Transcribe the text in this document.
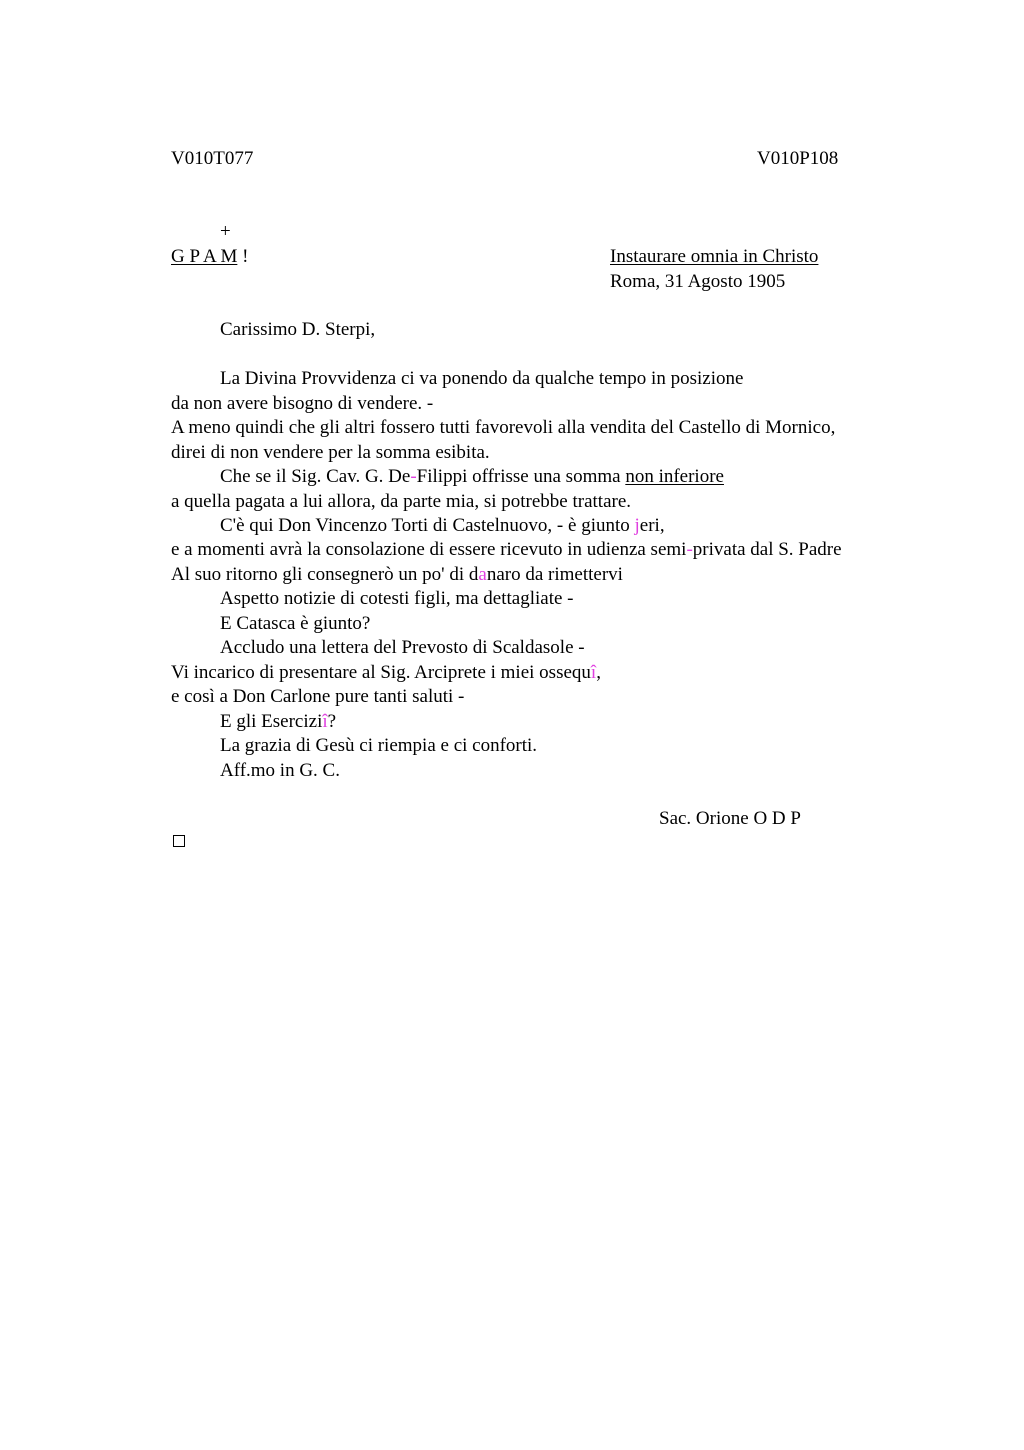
V010T077	V010P108
+
G P A M !	Instaurare omnia in Christo
Roma, 31 Agosto 1905
Carissimo D. Sterpi,
La Divina Provvidenza ci va ponendo da qualche tempo in posizione
da non avere bisogno di vendere. -
A meno quindi che gli altri fossero tutti favorevoli alla vendita del Castello di Mornico,
direi di non vendere per la somma esibita.
Che se il Sig. Cav. G. De-Filippi offrisse una somma non inferiore
a quella pagata a lui allora, da parte mia, si potrebbe trattare.
C'è qui Don Vincenzo Torti di Castelnuovo, - è giunto jeri,
e a momenti avrà la consolazione di essere ricevuto in udienza semi-privata dal S. Padre
Al suo ritorno gli consegnerò un po' di danaro da rimettervi
Aspetto notizie di cotesti figli, ma dettagliate -
E Catasca è giunto?
Accludo una lettera del Prevosto di Scaldasole -
Vi incarico di presentare al Sig. Arciprete i miei ossequî,
e così a Don Carlone pure tanti saluti -
E gli Eserciziî?
La grazia di Gesù ci riempia e ci conforti.
Aff.mo in G. C.
Sac. Orione O D P
